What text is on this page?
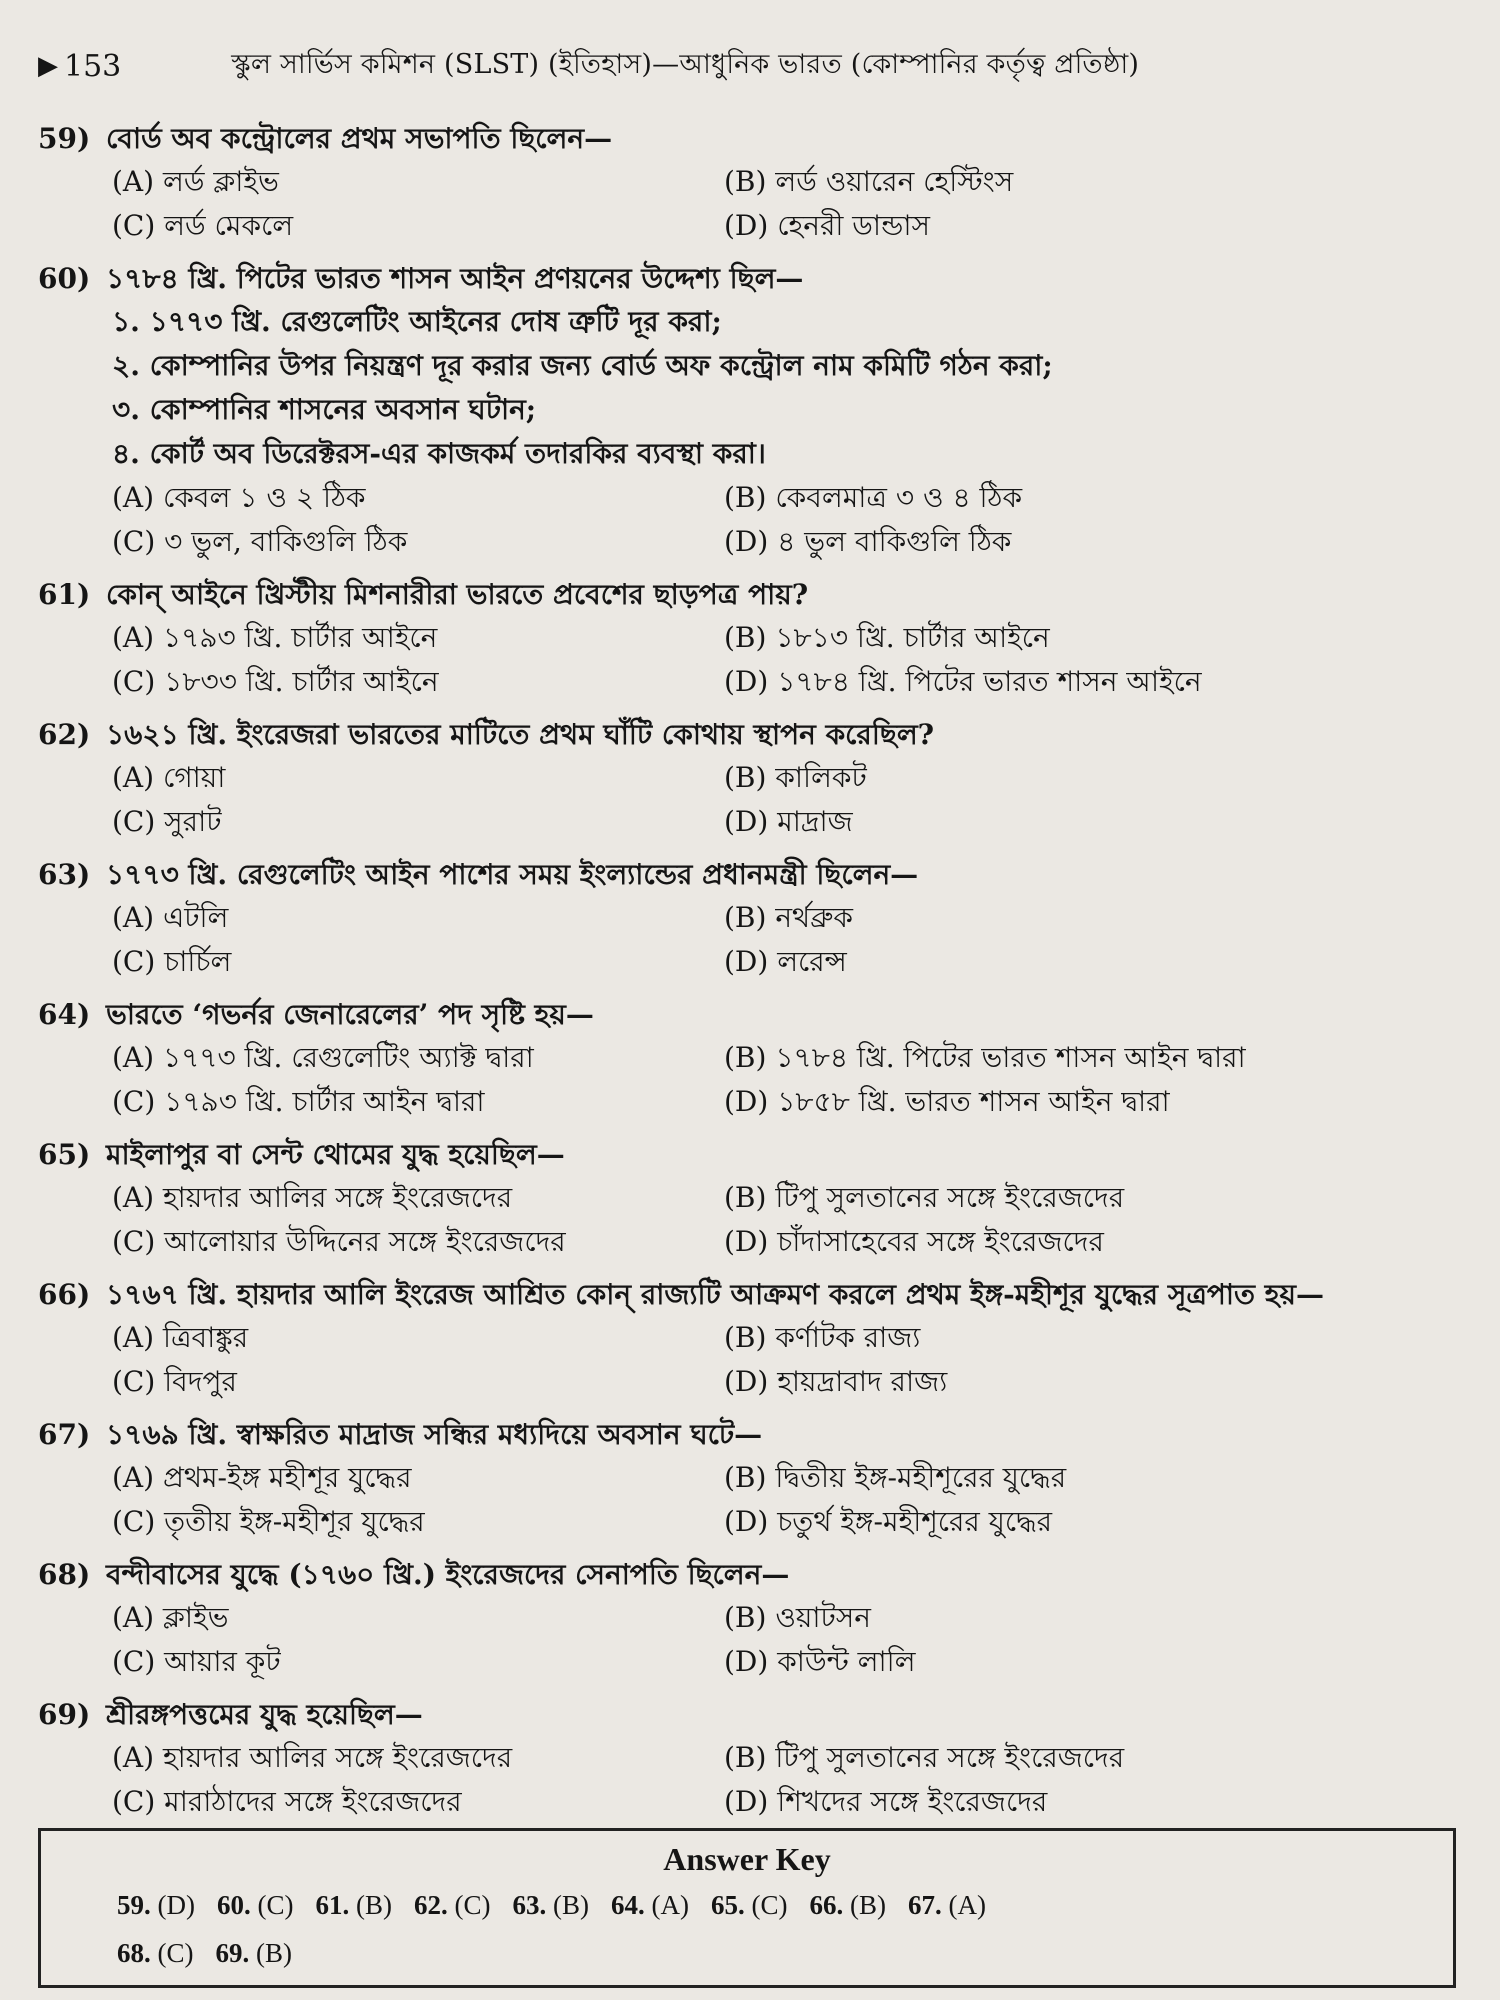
▶ 153	স্কুল সার্ভিস কমিশন (SLST) (ইতিহাস)—আধুনিক ভারত (কোম্পানির কর্তৃত্ব প্রতিষ্ঠা)
59) বোর্ড অব কন্ট্রোলের প্রথম সভাপতি ছিলেন—
(A) লর্ড ক্লাইভ	(B) লর্ড ওয়ারেন হেস্টিংস
(C) লর্ড মেকলে	(D) হেনরী ডান্ডাস
60) ১৭৮৪ খ্রি. পিটের ভারত শাসন আইন প্রণয়নের উদ্দেশ্য ছিল—
১. ১৭৭৩ খ্রি. রেগুলেটিং আইনের দোষ ত্রুটি দূর করা;
২. কোম্পানির উপর নিয়ন্ত্রণ দূর করার জন্য বোর্ড অফ কন্ট্রোল নাম কমিটি গঠন করা;
৩. কোম্পানির শাসনের অবসান ঘটান;
৪. কোর্ট অব ডিরেক্টরস-এর কাজকর্ম তদারকির ব্যবস্থা করা।
(A) কেবল ১ ও ২ ঠিক	(B) কেবলমাত্র ৩ ও ৪ ঠিক
(C) ৩ ভুল, বাকিগুলি ঠিক	(D) ৪ ভুল বাকিগুলি ঠিক
61) কোন্ আইনে খ্রিস্টীয় মিশনারীরা ভারতে প্রবেশের ছাড়পত্র পায়?
(A) ১৭৯৩ খ্রি. চার্টার আইনে	(B) ১৮১৩ খ্রি. চার্টার আইনে
(C) ১৮৩৩ খ্রি. চার্টার আইনে	(D) ১৭৮৪ খ্রি. পিটের ভারত শাসন আইনে
62) ১৬২১ খ্রি. ইংরেজরা ভারতের মাটিতে প্রথম ঘাঁটি কোথায় স্থাপন করেছিল?
(A) গোয়া	(B) কালিকট
(C) সুরাট	(D) মাদ্রাজ
63) ১৭৭৩ খ্রি. রেগুলেটিং আইন পাশের সময় ইংল্যান্ডের প্রধানমন্ত্রী ছিলেন—
(A) এটলি	(B) নর্থব্রুক
(C) চার্চিল	(D) লরেন্স
64) ভারতে ‘গভর্নর জেনারেলের’ পদ সৃষ্টি হয়—
(A) ১৭৭৩ খ্রি. রেগুলেটিং অ্যাক্ট দ্বারা	(B) ১৭৮৪ খ্রি. পিটের ভারত শাসন আইন দ্বারা
(C) ১৭৯৩ খ্রি. চার্টার আইন দ্বারা	(D) ১৮৫৮ খ্রি. ভারত শাসন আইন দ্বারা
65) মাইলাপুর বা সেন্ট থোমের যুদ্ধ হয়েছিল—
(A) হায়দার আলির সঙ্গে ইংরেজদের	(B) টিপু সুলতানের সঙ্গে ইংরেজদের
(C) আলোয়ার উদ্দিনের সঙ্গে ইংরেজদের	(D) চাঁদাসাহেবের সঙ্গে ইংরেজদের
66) ১৭৬৭ খ্রি. হায়দার আলি ইংরেজ আশ্রিত কোন্ রাজ্যটি আক্রমণ করলে প্রথম ইঙ্গ-মহীশূর যুদ্ধের সূত্রপাত হয়—
(A) ত্রিবাঙ্কুর	(B) কর্ণাটক রাজ্য
(C) বিদপুর	(D) হায়দ্রাবাদ রাজ্য
67) ১৭৬৯ খ্রি. স্বাক্ষরিত মাদ্রাজ সন্ধির মধ্যদিয়ে অবসান ঘটে—
(A) প্রথম-ইঙ্গ মহীশূর যুদ্ধের	(B) দ্বিতীয় ইঙ্গ-মহীশূরের যুদ্ধের
(C) তৃতীয় ইঙ্গ-মহীশূর যুদ্ধের	(D) চতুর্থ ইঙ্গ-মহীশূরের যুদ্ধের
68) বন্দীবাসের যুদ্ধে (১৭৬০ খ্রি.) ইংরেজদের সেনাপতি ছিলেন—
(A) ক্লাইভ	(B) ওয়াটসন
(C) আয়ার কূট	(D) কাউন্ট লালি
69) শ্রীরঙ্গপত্তমের যুদ্ধ হয়েছিল—
(A) হায়দার আলির সঙ্গে ইংরেজদের	(B) টিপু সুলতানের সঙ্গে ইংরেজদের
(C) মারাঠাদের সঙ্গে ইংরেজদের	(D) শিখদের সঙ্গে ইংরেজদের
Answer Key
59. (D) 60. (C) 61. (B) 62. (C) 63. (B) 64. (A) 65. (C) 66. (B) 67. (A)
68. (C) 69. (B)
